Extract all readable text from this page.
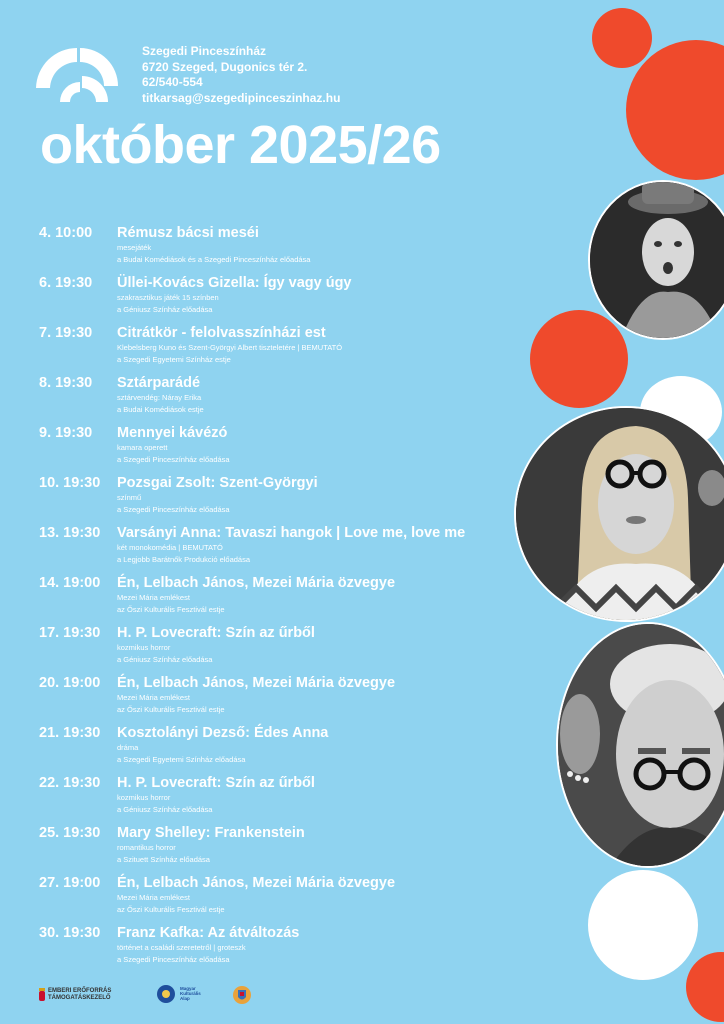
Szegedi Pinceszínház
6720 Szeged, Dugonics tér 2.
62/540-554
titkarsag@szegedipinceszinhaz.hu
október 2025/26
4. 10:00	Rémusz bácsi meséi
mesejáték
a Budai Komédiások és a Szegedi Pinceszínház előadása
6. 19:30	Üllei-Kovács Gizella: Így vagy úgy
szakrasztikus játék 15 színben
a Géniusz Színház előadása
7. 19:30	Citrátkör - felolvasszínházi est
Klebelsberg Kuno és Szent-Györgyi Albert tiszteletére | BEMUTATÓ
a Szegedi Egyetemi Színház estje
8. 19:30	Sztárparádé
sztárvendég: Náray Erika
a Budai Komédiások estje
9. 19:30	Mennyei kávézó
kamara operett
a Szegedi Pinceszínház előadása
10. 19:30	Pozsgai Zsolt: Szent-Györgyi
színmű
a Szegedi Pinceszínház előadása
13. 19:30	Varsányi Anna: Tavaszi hangok | Love me, love me
két monokomédia | BEMUTATÓ
a Legjobb Barátnők Produkció előadása
14. 19:00	Én, Lelbach János, Mezei Mária özvegye
Mezei Mária emlékest
az Őszi Kulturális Fesztivál estje
17. 19:30	H. P. Lovecraft: Szín az űrből
kozmikus horror
a Géniusz Színház előadása
20. 19:00	Én, Lelbach János, Mezei Mária özvegye
Mezei Mária emlékest
az Őszi Kulturális Fesztivál estje
21. 19:30	Kosztolányi Dezső: Édes Anna
dráma
a Szegedi Egyetemi Színház előadása
22. 19:30	H. P. Lovecraft: Szín az űrből
kozmikus horror
a Géniusz Színház előadása
25. 19:30	Mary Shelley: Frankenstein
romantikus horror
a Szituett Színház előadása
27. 19:00	Én, Lelbach János, Mezei Mária özvegye
Mezei Mária emlékest
az Őszi Kulturális Fesztivál estje
30. 19:30	Franz Kafka: Az átváltozás
történet a családi szeretetről | groteszk
a Szegedi Pinceszínház előadása
EMBERI ERŐFORRÁS
TÁMOGATÁSKEZELŐ
Magyar
Kulturális
Alap
